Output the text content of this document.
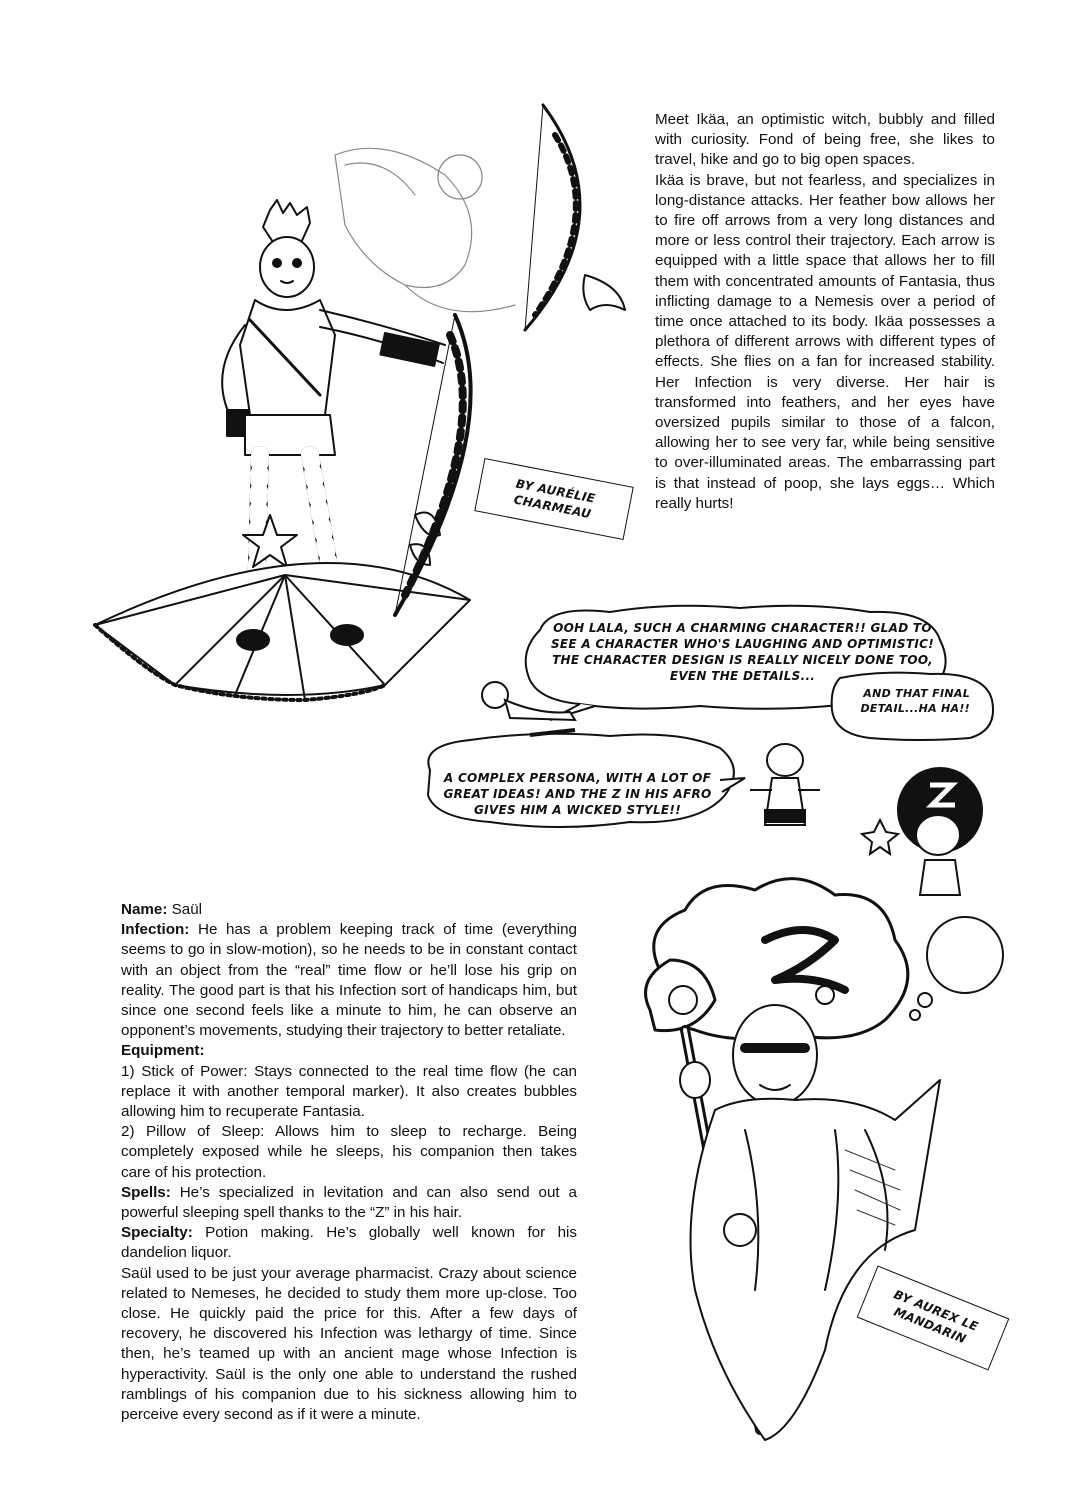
BY AURÉLIE CHARMEAU

Meet Ikäa, an optimistic witch, bubbly and filled with curiosity. Fond of being free, she likes to travel, hike and go to big open spaces.

Ikäa is brave, but not fearless, and specializes in long-distance attacks. Her feather bow allows her to fire off arrows from a very long distances and more or less control their trajectory. Each arrow is equipped with a little space that allows her to fill them with concentrated amounts of Fantasia, thus inflicting damage to a Nemesis over a period of time once attached to its body. Ikäa possesses a plethora of different arrows with different types of effects. She flies on a fan for increased stability. Her Infection is very diverse. Her hair is transformed into feathers, and her eyes have oversized pupils similar to those of a falcon, allowing her to see very far, while being sensitive to over-illuminated areas. The embarrassing part is that instead of poop, she lays eggs… Which really hurts!

OOH LALA, SUCH A CHARMING CHARACTER!! GLAD TO SEE A CHARACTER WHO'S LAUGHING AND OPTIMISTIC! THE CHARACTER DESIGN IS REALLY NICELY DONE TOO, EVEN THE DETAILS...
AND THAT FINAL DETAIL...HA HA!!
A COMPLEX PERSONA, WITH A LOT OF GREAT IDEAS! AND THE Z IN HIS AFRO GIVES HIM A WICKED STYLE!!

Name: Saül

Infection: He has a problem keeping track of time (everything seems to go in slow-motion), so he needs to be in constant contact with an object from the “real” time flow or he’ll lose his grip on reality. The good part is that his Infection sort of handicaps him, but since one second feels like a minute to him, he can observe an opponent’s movements, studying their trajectory to better retaliate.

Equipment:

1) Stick of Power: Stays connected to the real time flow (he can replace it with another temporal marker). It also creates bubbles allowing him to recuperate Fantasia.

2) Pillow of Sleep: Allows him to sleep to recharge. Being completely exposed while he sleeps, his companion then takes care of his protection.

Spells: He’s specialized in levitation and can also send out a powerful sleeping spell thanks to the “Z” in his hair.

Specialty: Potion making. He’s globally well known for his dandelion liquor.

Saül used to be just your average pharmacist. Crazy about science related to Nemeses, he decided to study them more up-close. Too close. He quickly paid the price for this. After a few days of recovery, he discovered his Infection was lethargy of time. Since then, he’s teamed up with an ancient mage whose Infection is hyperactivity. Saül is the only one able to understand the rushed ramblings of his companion due to his sickness allowing him to perceive every second as if it were a minute.

BY AUREX LE MANDARIN
